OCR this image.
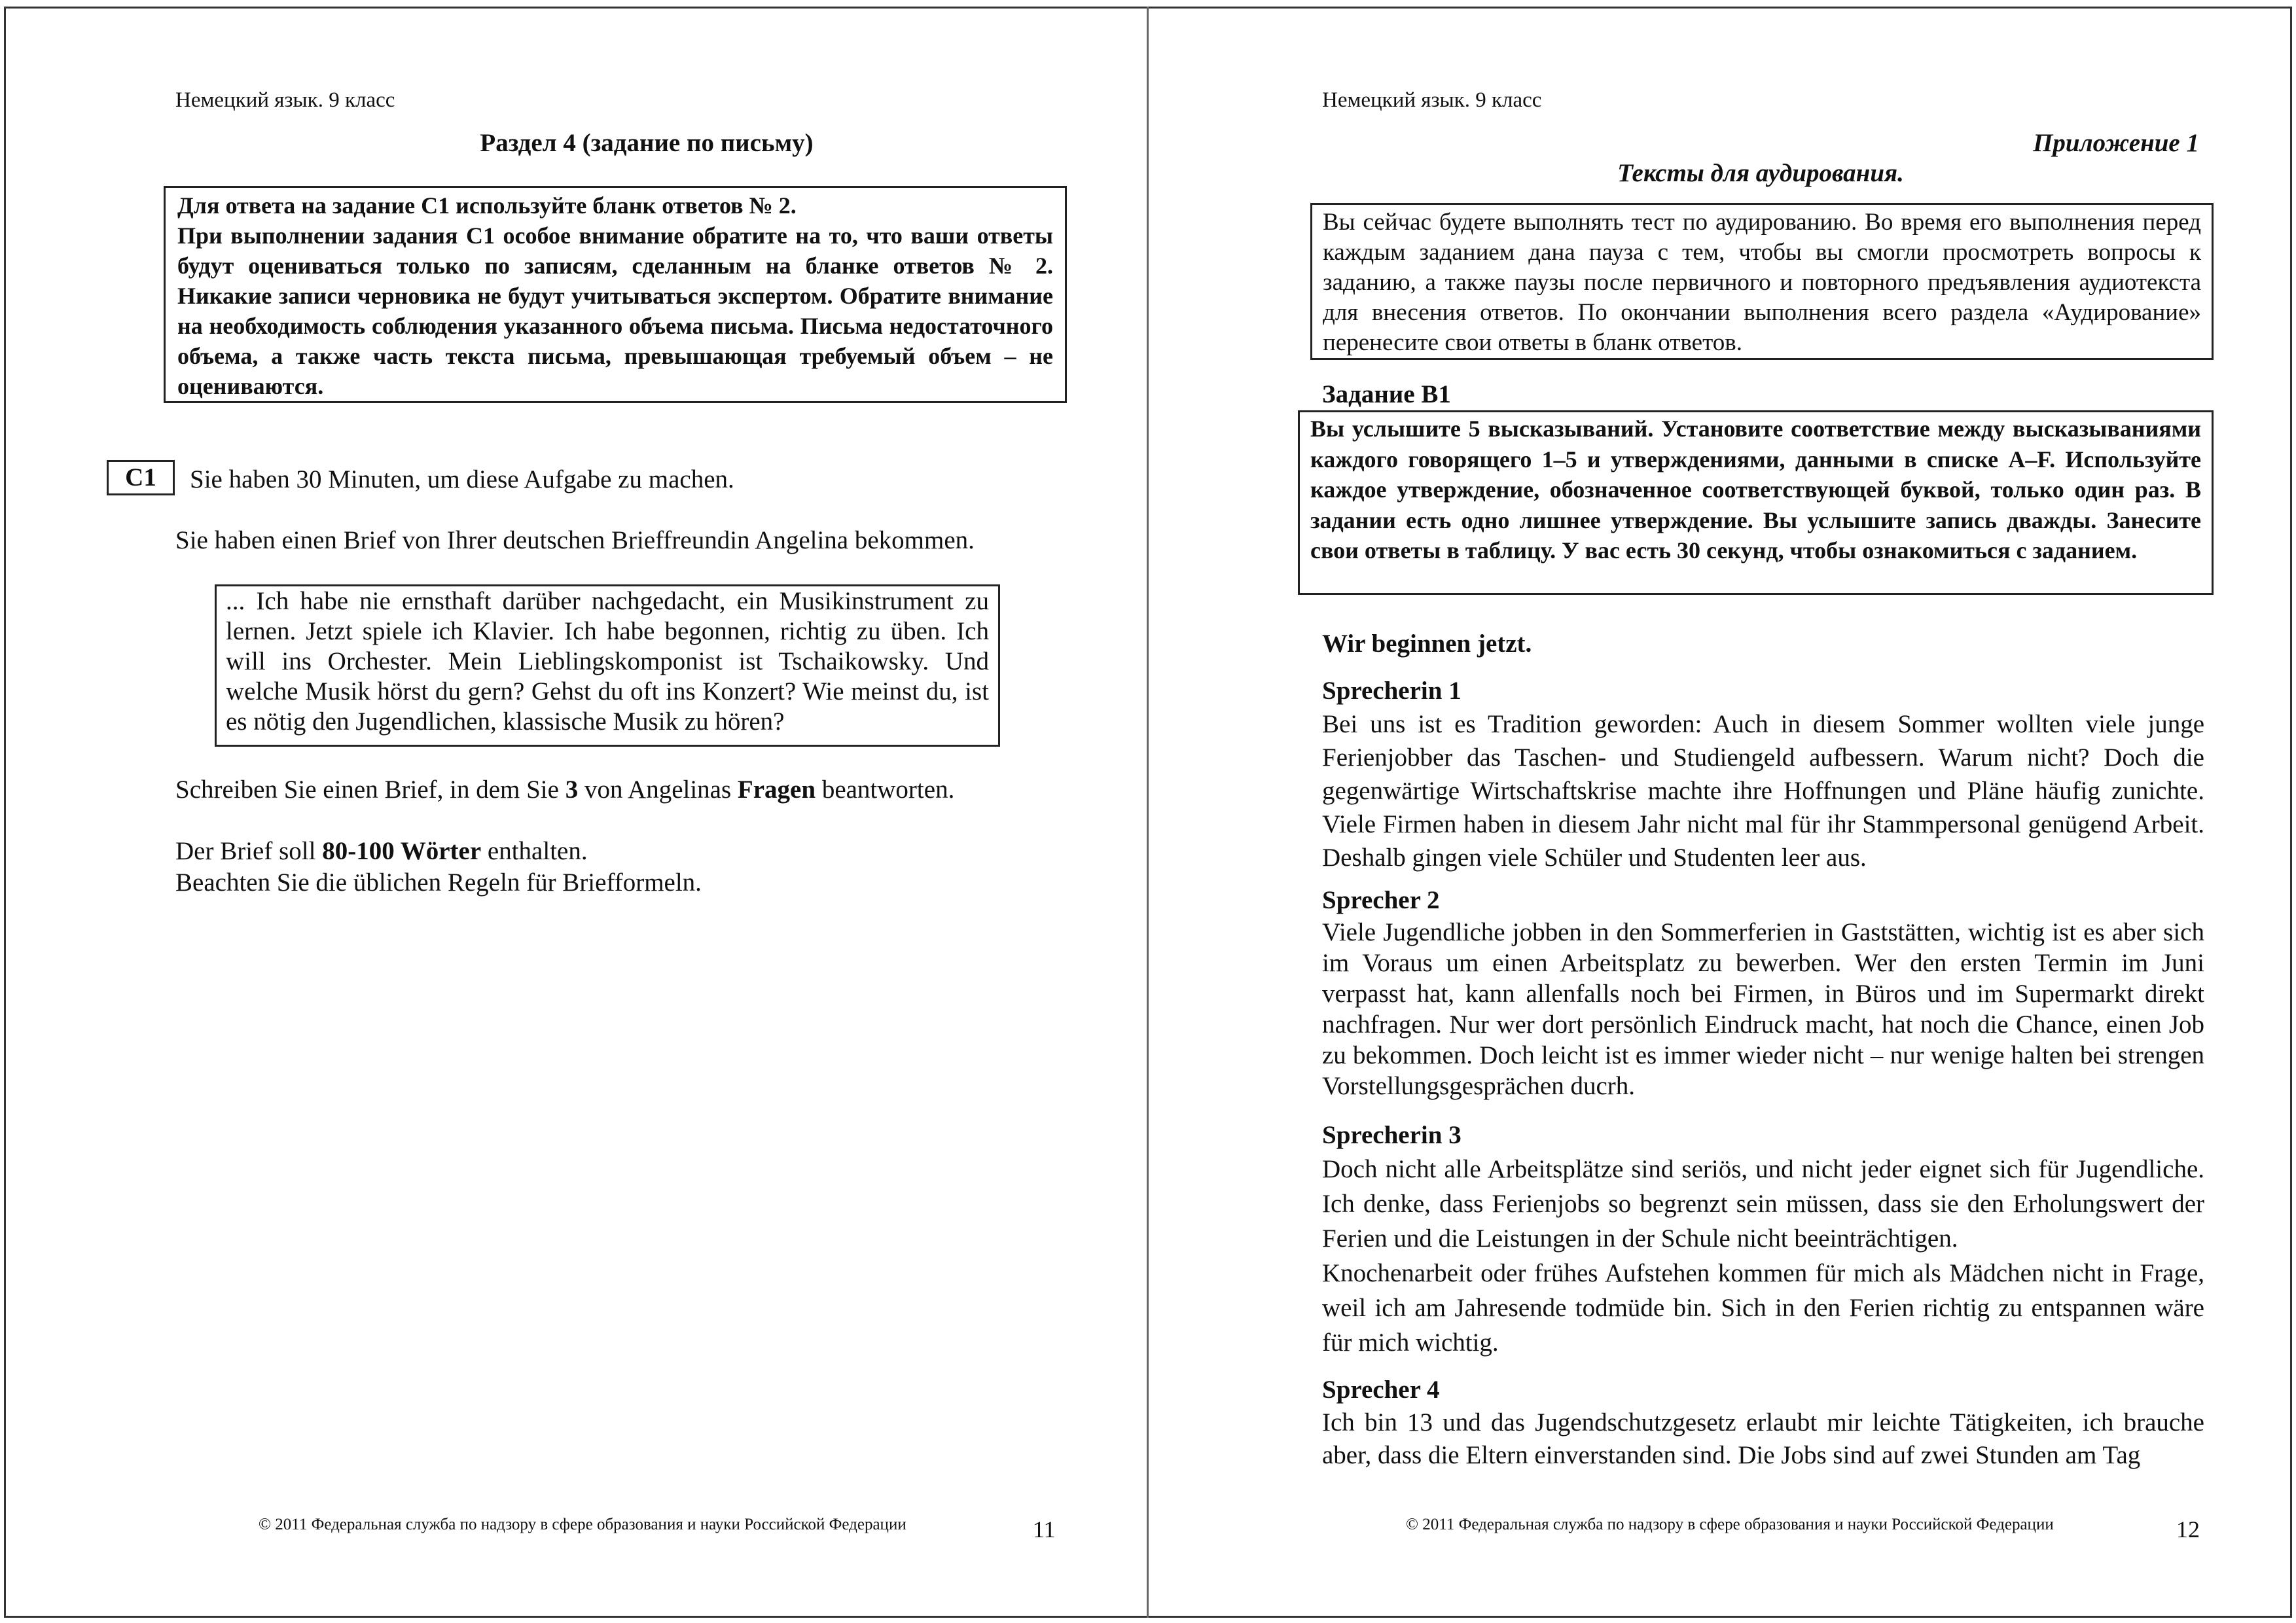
Немецкий язык. 9 класс
Раздел 4 (задание по письму)

Для ответа на задание С1 используйте бланк ответов № 2.

При выполнении задания С1 особое внимание обратите на то, что ваши ответы будут оцениваться только по записям, сделанным на бланке ответов № 2. Никакие записи черновика не будут учитываться экспертом. Обратите внимание на необходимость соблюдения указанного объема письма. Письма недостаточного объема, а также часть текста письма, превышающая требуемый объем – не оцениваются.

C1	Sie haben 30 Minuten, um diese Aufgabe zu machen.
Sie haben einen Brief von Ihrer deutschen Brieffreundin Angelina bekommen.

... Ich habe nie ernsthaft darüber nachgedacht, ein Musikinstrument zu lernen. Jetzt spiele ich Klavier. Ich habe begonnen, richtig zu üben. Ich will ins Orchester. Mein Lieblingskomponist ist Tschaikowsky. Und welche Musik hörst du gern? Gehst du oft ins Konzert? Wie meinst du, ist es nötig den Jugendlichen, klassische Musik zu hören?

Schreiben Sie einen Brief, in dem Sie 3 von Angelinas Fragen beantworten.
Der Brief soll 80-100 Wörter enthalten.
Beachten Sie die üblichen Regeln für Briefformeln.
© 2011 Федеральная служба по надзору в сфере образования и науки Российской Федерации	11
Немецкий язык. 9 класс
Приложение 1
Тексты для аудирования.

Вы сейчас будете выполнять тест по аудированию. Во время его выполнения перед каждым заданием дана пауза с тем, чтобы вы смогли просмотреть вопросы к заданию, а также паузы после первичного и повторного предъявления аудиотекста для внесения ответов. По окончании выполнения всего раздела «Аудирование» перенесите свои ответы в бланк ответов.

Задание В1

Вы услышите 5 высказываний. Установите соответствие между высказываниями каждого говорящего 1–5 и утверждениями, данными в списке А–F. Используйте каждое утверждение, обозначенное соответствующей буквой, только один раз. В задании есть одно лишнее утверждение. Вы услышите запись дважды. Занесите свои ответы в таблицу. У вас есть 30 секунд, чтобы ознакомиться с заданием.

Wir beginnen jetzt.

Sprecherin 1

Bei uns ist es Tradition geworden: Auch in diesem Sommer wollten viele junge Ferienjobber das Taschen- und Studiengeld aufbessern. Warum nicht? Doch die gegenwärtige Wirtschaftskrise machte ihre Hoffnungen und Pläne häufig zunichte. Viele Firmen haben in diesem Jahr nicht mal für ihr Stammpersonal genügend Arbeit. Deshalb gingen viele Schüler und Studenten leer aus.

Sprecher 2

Viele Jugendliche jobben in den Sommerferien in Gaststätten, wichtig ist es aber sich im Voraus um einen Arbeitsplatz zu bewerben. Wer den ersten Termin im Juni verpasst hat, kann allenfalls noch bei Firmen, in Büros und im Supermarkt direkt nachfragen. Nur wer dort persönlich Eindruck macht, hat noch die Chance, einen Job zu bekommen. Doch leicht ist es immer wieder nicht – nur wenige halten bei strengen Vorstellungsgesprächen ducrh.

Sprecherin 3

Doch nicht alle Arbeitsplätze sind seriös, und nicht jeder eignet sich für Jugendliche. Ich denke, dass Ferienjobs so begrenzt sein müssen, dass sie den Erholungswert der Ferien und die Leistungen in der Schule nicht beeinträchtigen.

Knochenarbeit oder frühes Aufstehen kommen für mich als Mädchen nicht in Frage, weil ich am Jahresende todmüde bin. Sich in den Ferien richtig zu entspannen wäre für mich wichtig.

Sprecher 4

Ich bin 13 und das Jugendschutzgesetz erlaubt mir leichte Tätigkeiten, ich brauche aber, dass die Eltern einverstanden sind. Die Jobs sind auf zwei Stunden am Tag

© 2011 Федеральная служба по надзору в сфере образования и науки Российской Федерации	12
